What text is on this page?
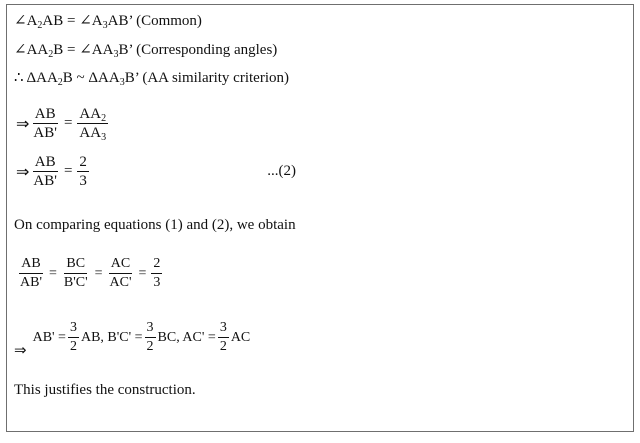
$\angle A_2AB$ = $\angle A_3AB$’ (Common)
$\angle AA_2B$ = $\angle AA_3B$’ (Corresponding angles)
∴ $\Delta AA_2B$ ~ $\Delta AA_3B$’ (AA similarity criterion)
⇒ $\frac{AB}{AB'} = \frac{AA_2}{AA_3}$
⇒ $\frac{AB}{AB'} = \frac{2}{3}$	...(2)
On comparing equations (1) and (2), we obtain
$\frac{AB}{AB'} = \frac{BC}{B'C'} = \frac{AC}{AC'} = \frac{2}{3}$
⇒
$AB' = \frac{3}{2}$ AB, $B'C' = \frac{3}{2}$ BC, $AC' = \frac{3}{2}$ AC
This justifies the construction.
